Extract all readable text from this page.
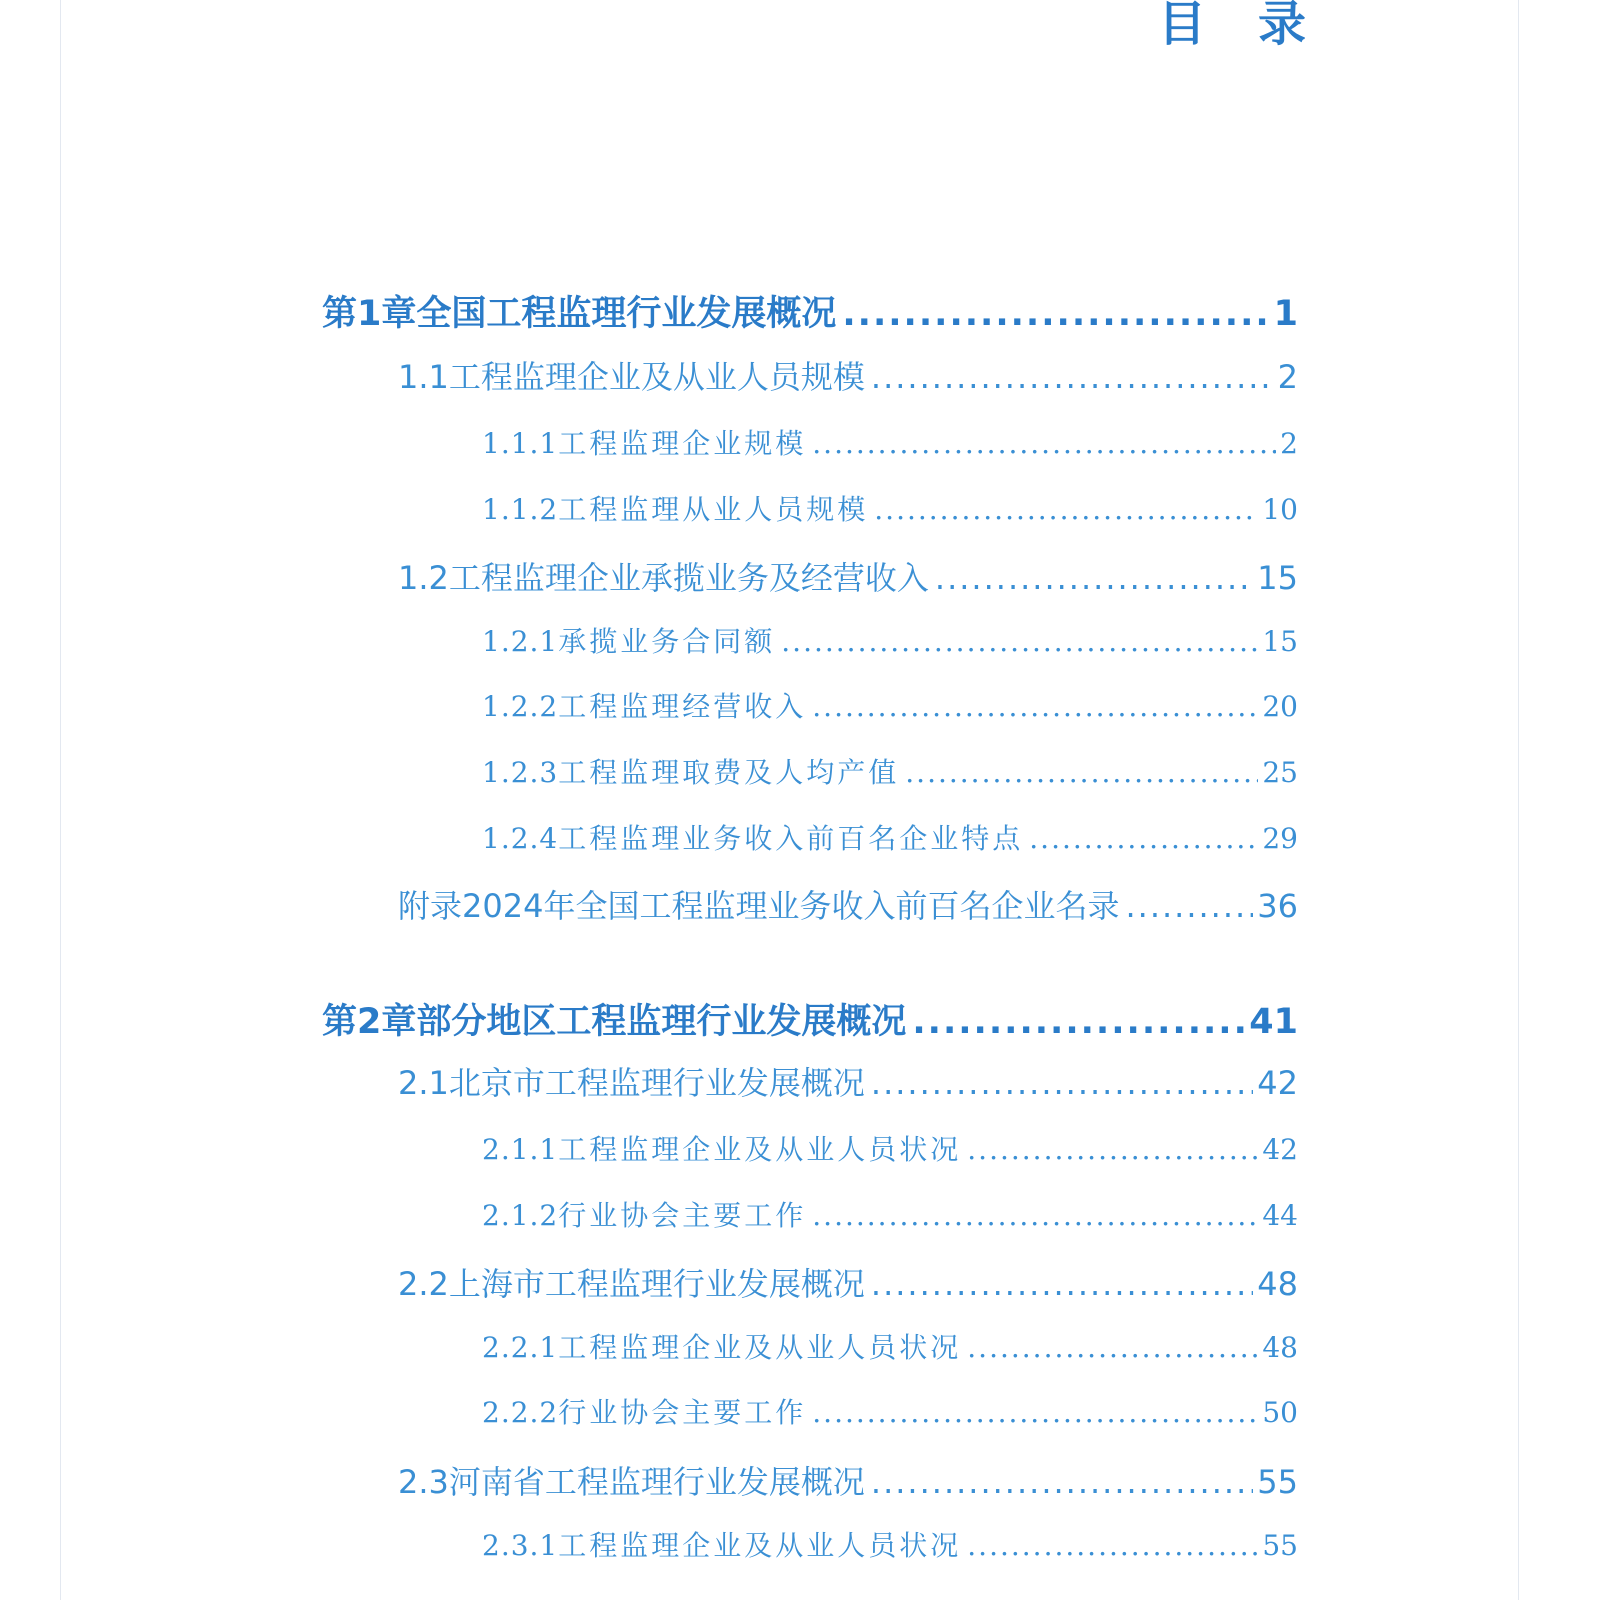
目录
第1章 全国工程监理行业发展概况 .....	1
1.1 工程监理企业及从业人员规模 .....	2
1.1.1 工程监理企业规模 .....	2
1.1.2 工程监理从业人员规模 .....	10
1.2 工程监理企业承揽业务及经营收入 .....	15
1.2.1 承揽业务合同额 .....	15
1.2.2 工程监理经营收入 .....	20
1.2.3 工程监理取费及人均产值 .....	25
1.2.4 工程监理业务收入前百名企业特点 .....	29
附录 2024年全国工程监理业务收入前百名企业名录 .....	36
第2章 部分地区工程监理行业发展概况 .....	41
2.1 北京市工程监理行业发展概况 .....	42
2.1.1 工程监理企业及从业人员状况 .....	42
2.1.2 行业协会主要工作 .....	44
2.2 上海市工程监理行业发展概况 .....	48
2.2.1 工程监理企业及从业人员状况 .....	48
2.2.2 行业协会主要工作 .....	50
2.3 河南省工程监理行业发展概况 .....	55
2.3.1 工程监理企业及从业人员状况 .....	55
